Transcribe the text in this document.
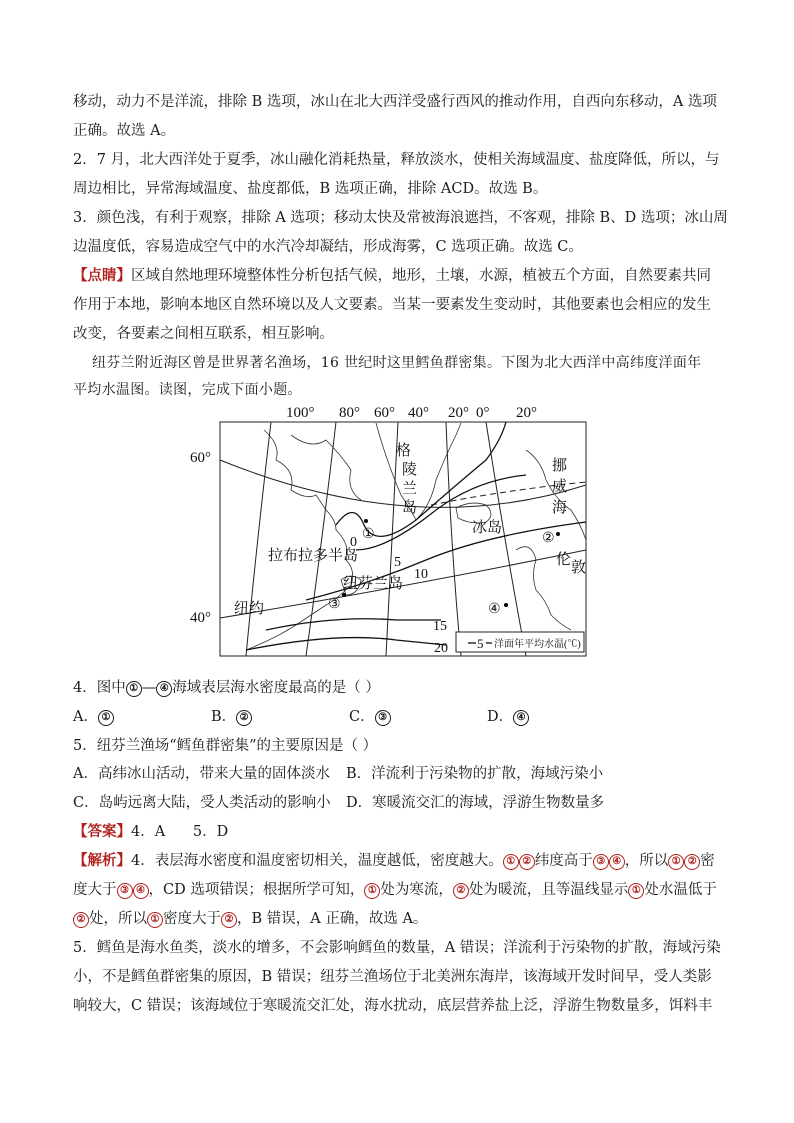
移动，动力不是洋流，排除 B 选项，冰山在北大西洋受盛行西风的推动作用，自西向东移动，A 选项
正确。故选 A。
2．7 月，北大西洋处于夏季，冰山融化消耗热量，释放淡水，使相关海域温度、盐度降低，所以，与
周边相比，异常海域温度、盐度都低，B 选项正确，排除 ACD。故选 B。
3．颜色浅，有利于观察，排除 A 选项；移动太快及常被海浪遮挡，不客观，排除 B、D 选项；冰山周
边温度低，容易造成空气中的水汽冷却凝结，形成海雾，C 选项正确。故选 C。
【点睛】区域自然地理环境整体性分析包括气候，地形，土壤，水源，植被五个方面，自然要素共同
作用于本地，影响本地区自然环境以及人文要素。当某一要素发生变动时，其他要素也会相应的发生
改变，各要素之间相互联系，相互影响。
纽芬兰附近海区曾是世界著名渔场，16 世纪时这里鳕鱼群密集。下图为北大西洋中高纬度洋面年
平均水温图。读图，完成下面小题。
100° 80° 60° 40° 20° 0° 20°
60°
40°
格
陵
兰
岛
挪
威
海
冰岛
拉布拉多半岛
纽芬兰岛
纽约
伦 敦
0
5
10
15
20
①	②
③	④
5 洋面年平均水温(℃)
4．图中 ① — ④ 海域表层海水密度最高的是（ ）
A． ①	B． ②	C． ③	D． ④
5．纽芬兰渔场“鳕鱼群密集”的主要原因是（ ）
A．高纬冰山活动，带来大量的固体淡水 B．洋流利于污染物的扩散，海域污染小
C．岛屿远离大陆，受人类活动的影响小 D．寒暖流交汇的海域，浮游生物数量多
【答案】4．A      5．D
【解析】4．表层海水密度和温度密切相关，温度越低，密度越大。 ① ② 纬度高于 ③ ④ ，所以 ① ② 密
度大于 ③ ④ ，CD 选项错误；根据所学可知， ① 处为寒流， ② 处为暖流，且等温线显示 ① 处水温低于
② 处，所以 ① 密度大于 ② ，B 错误，A 正确，故选 A。
5．鳕鱼是海水鱼类，淡水的增多，不会影响鳕鱼的数量，A 错误；洋流利于污染物的扩散，海域污染
小，不是鳕鱼群密集的原因，B 错误；纽芬兰渔场位于北美洲东海岸，该海域开发时间早，受人类影
响较大，C 错误；该海域位于寒暖流交汇处，海水扰动，底层营养盐上泛，浮游生物数量多，饵料丰
